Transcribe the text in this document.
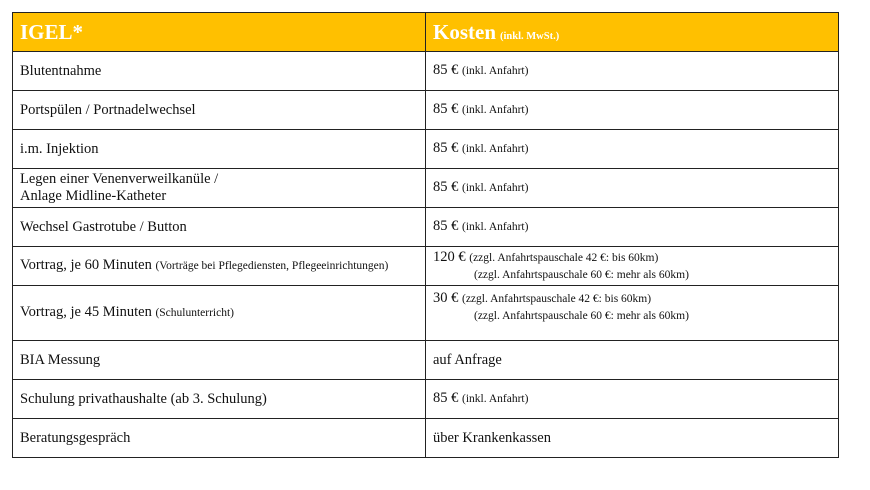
IGEL*	Kosten (inkl. MwSt.)
Blutentnahme	85 € (inkl. Anfahrt)
Portspülen / Portnadelwechsel	85 € (inkl. Anfahrt)
i.m. Injektion	85 € (inkl. Anfahrt)

Legen einer Venenverweilkanüle /
Anlage Midline-Katheter	85 € (inkl. Anfahrt)
Wechsel Gastrotube / Button	85 € (inkl. Anfahrt)
Vortrag, je 60 Minuten (Vorträge bei Pflegediensten, Pflegeeinrichtungen)	120 € (zzgl. Anfahrtspauschale 42 €: bis 60km)
(zzgl. Anfahrtspauschale 60 €: mehr als 60km)

Vortrag, je 45 Minuten (Schulunterricht)	30 € (zzgl. Anfahrtspauschale 42 €: bis 60km)
(zzgl. Anfahrtspauschale 60 €: mehr als 60km)

BIA Messung	auf Anfrage
Schulung privathaushalte (ab 3. Schulung)	85 € (inkl. Anfahrt)
Beratungsgespräch	über Krankenkassen
